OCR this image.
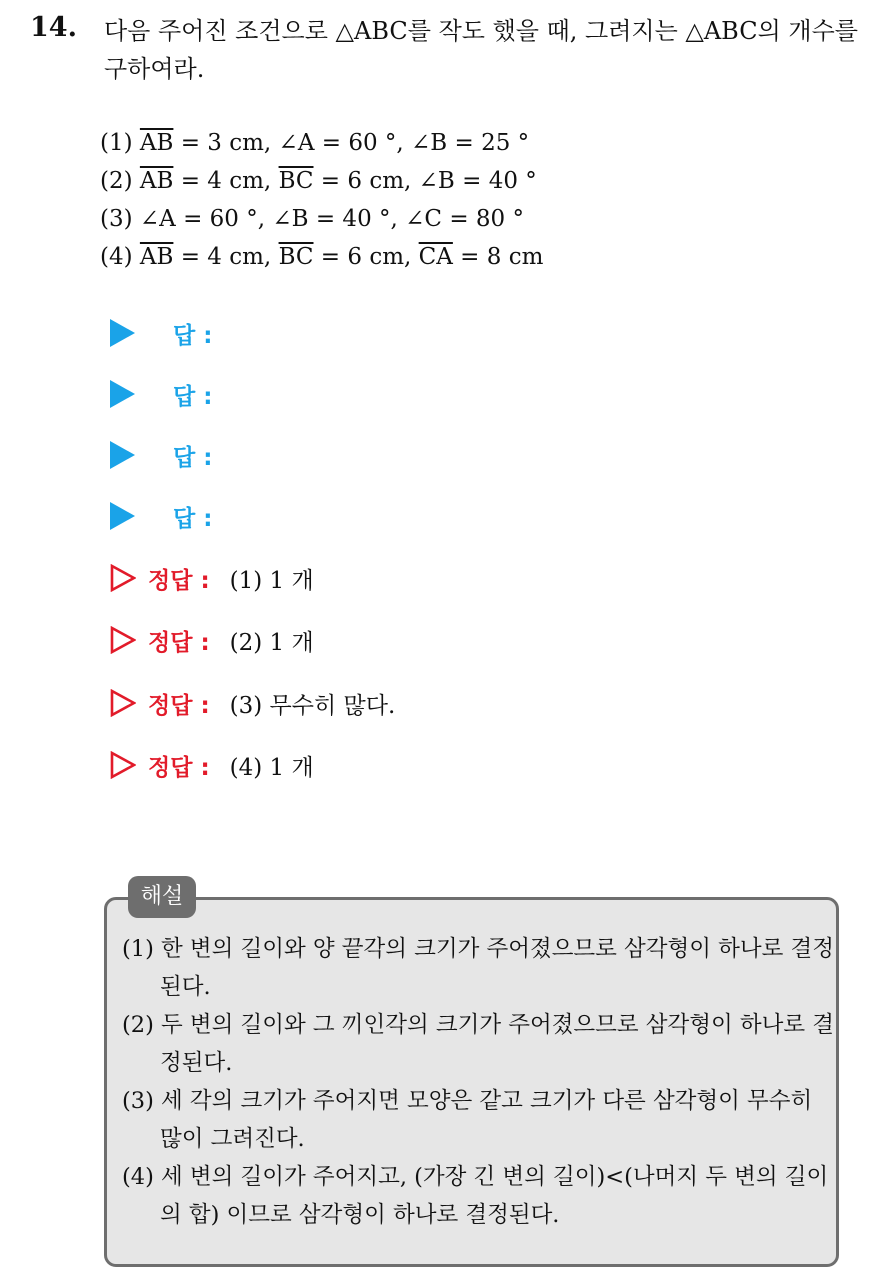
14. 다음 주어진 조건으로 △ABC를 작도 했을 때, 그려지는 △ABC의 개수를 구하여라.
(1) $\overline{AB} = 3$ cm, ∠A = 60 °, ∠B = 25 °
(2) $\overline{AB} = 4$ cm, $\overline{BC} = 6$ cm, ∠B = 40 °
(3) ∠A = 60 °, ∠B = 40 °, ∠C = 80 °
(4) $\overline{AB} = 4$ cm, $\overline{BC} = 6$ cm, $\overline{CA} = 8$ cm
답 :
답 :
답 :
답 :
정답 : (1) 1 개
정답 : (2) 1 개
정답 : (3) 무수히 많다.
정답 : (4) 1 개
해설
(1) 한 변의 길이와 양 끝각의 크기가 주어졌으므로 삼각형이 하나로 결정된다.
(2) 두 변의 길이와 그 끼인각의 크기가 주어졌으므로 삼각형이 하나로 결정된다.
(3) 세 각의 크기가 주어지면 모양은 같고 크기가 다른 삼각형이 무수히 많이 그려진다.
(4) 세 변의 길이가 주어지고, (가장 긴 변의 길이)<(나머지 두 변의 길이의 합) 이므로 삼각형이 하나로 결정된다.
